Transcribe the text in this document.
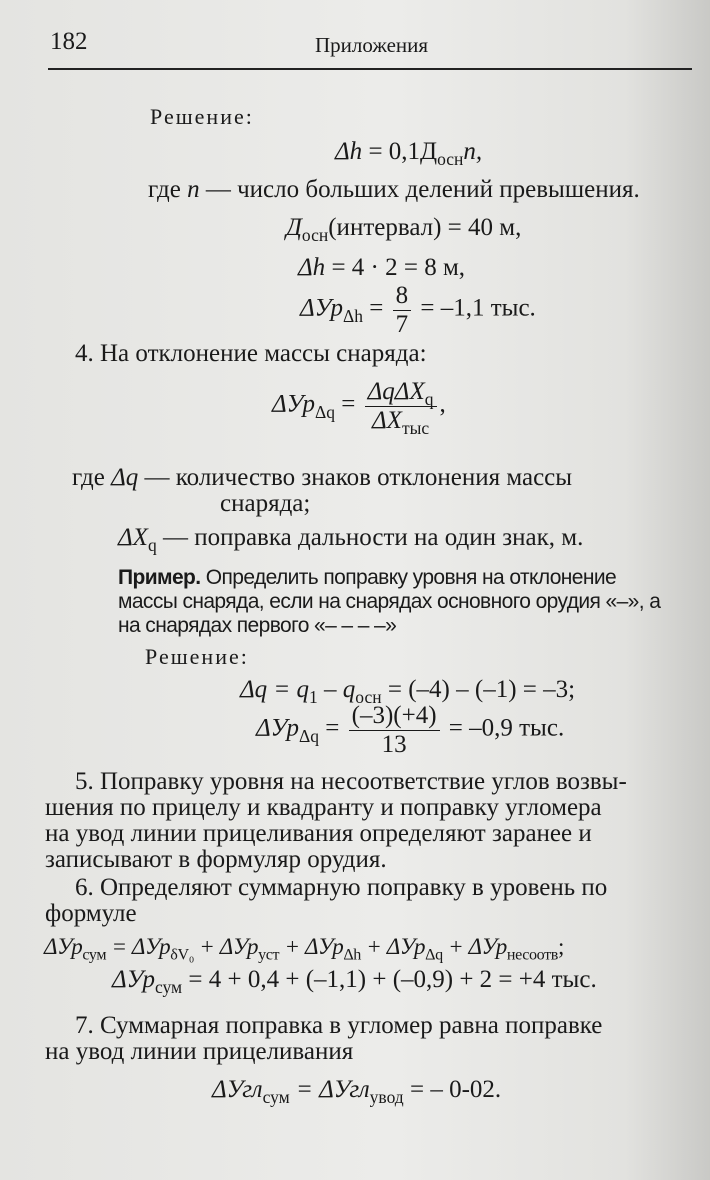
182	Приложения
Решение:
$\Delta h = 0,1Д_{осн}n$,
где n — число больших делений превышения.
$Д_{осн}(интервал) = 40$ м,
Δh = 4 · 2 = 8 м,
$\Delta Ур_{\Delta h} = \frac{8}{7} = -1,1$ тыс.
4. На отклонение массы снаряда:
$\Delta Ур_{\Delta q} = \frac{\Delta q\Delta X_q}{\Delta X_{тыс}}$ ,
где Δq — количество знаков отклонения массы
снаряда;
$\Delta X_q$ — поправка дальности на один знак, м.
Пример. Определить поправку уровня на отклонение
массы снаряда, если на снарядах основного орудия «–», а
на снарядах первого «– – – –»
Решение:
$\Delta q = q_1 - q_{осн} = (-4) - (-1) = -3$;
$\Delta Ур_{\Delta q} = \frac{(-3)(+4)}{13} = -0,9$ тыс.
5. Поправку уровня на несоответствие углов возвы-
шения по прицелу и квадранту и поправку угломера
на увод линии прицеливания определяют заранее и
записывают в формуляр орудия.
6. Определяют суммарную поправку в уровень по
формуле
ΔУр$_{сум}$ = ΔУр$_{\delta V_0}$ + ΔУр$_{уст}$ + ΔУр$_{\Delta h}$ + ΔУр$_{\Delta q}$ + ΔУр$_{несоотв}$;
ΔУр$_{сум}$ = 4 + 0,4 + (–1,1) + (–0,9) + 2 = +4 тыс.
7. Суммарная поправка в угломер равна поправке
на увод линии прицеливания
ΔУгл$_{сум}$ = ΔУгл$_{увод}$ = – 0-02.
